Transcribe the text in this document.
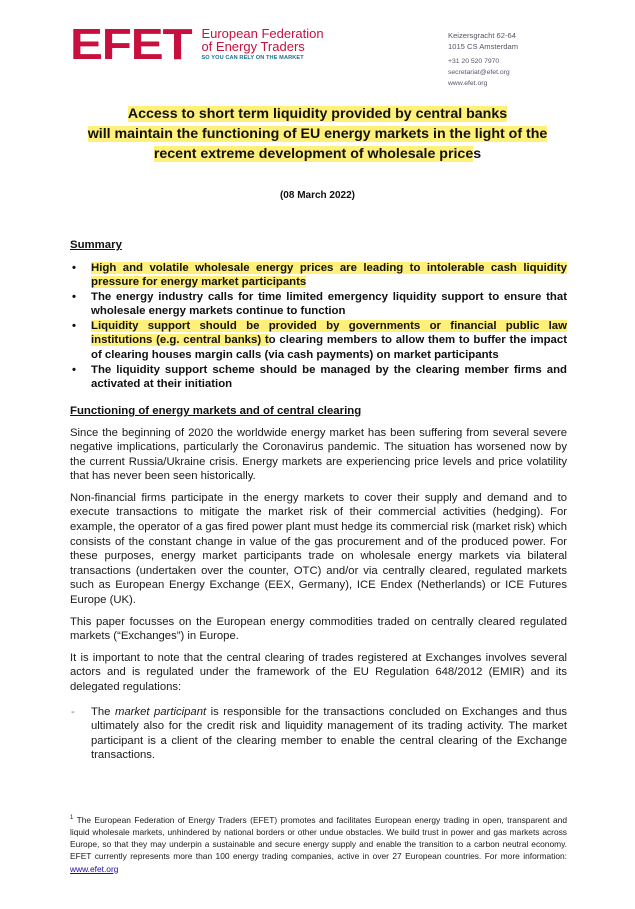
EFET European Federation
of Energy Traders
SO YOU CAN RELY ON THE MARKET
Keizersgracht 62-64
1015 CS Amsterdam
+31 20 520 7970
secretariat@efet.org
www.efet.org
Access to short term liquidity provided by central banks
will maintain the functioning of EU energy markets in the light of the
recent extreme development of wholesale prices
(08 March 2022)
Summary
• High and volatile wholesale energy prices are leading to intolerable cash liquidity pressure for energy market participants
• The energy industry calls for time limited emergency liquidity support to ensure that wholesale energy markets continue to function
• Liquidity support should be provided by governments or financial public law institutions (e.g. central banks) to clearing members to allow them to buffer the impact of clearing houses margin calls (via cash payments) on market participants
• The liquidity support scheme should be managed by the clearing member firms and activated at their initiation
Functioning of energy markets and of central clearing
Since the beginning of 2020 the worldwide energy market has been suffering from several severe negative implications, particularly the Coronavirus pandemic. The situation has worsened now by the current Russia/Ukraine crisis. Energy markets are experiencing price levels and price volatility that has never been seen historically.
Non-financial firms participate in the energy markets to cover their supply and demand and to execute transactions to mitigate the market risk of their commercial activities (hedging). For example, the operator of a gas fired power plant must hedge its commercial risk (market risk) which consists of the constant change in value of the gas procurement and of the produced power. For these purposes, energy market participants trade on wholesale energy markets via bilateral transactions (undertaken over the counter, OTC) and/or via centrally cleared, regulated markets such as European Energy Exchange (EEX, Germany), ICE Endex (Netherlands) or ICE Futures Europe (UK).
This paper focusses on the European energy commodities traded on centrally cleared regulated markets (“Exchanges”) in Europe.
It is important to note that the central clearing of trades registered at Exchanges involves several actors and is regulated under the framework of the EU Regulation 648/2012 (EMIR) and its delegated regulations:
- The market participant is responsible for the transactions concluded on Exchanges and thus ultimately also for the credit risk and liquidity management of its trading activity. The market participant is a client of the clearing member to enable the central clearing of the Exchange transactions.
$^1$ The European Federation of Energy Traders (EFET) promotes and facilitates European energy trading in open, transparent and liquid wholesale markets, unhindered by national borders or other undue obstacles. We build trust in power and gas markets across Europe, so that they may underpin a sustainable and secure energy supply and enable the transition to a carbon neutral economy. EFET currently represents more than 100 energy trading companies, active in over 27 European countries. For more information: www.efet.org
